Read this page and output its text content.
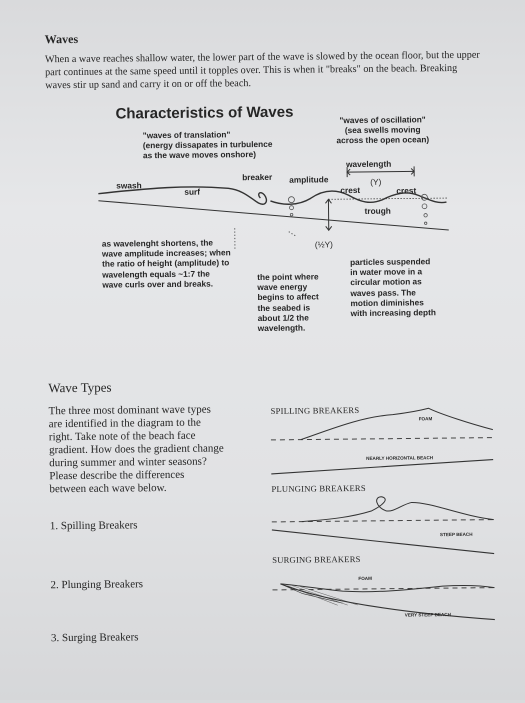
Waves
When a wave reaches shallow water, the lower part of the wave is slowed by the ocean floor, but the upper part continues at the same speed until it topples over. This is when it "breaks" on the beach. Breaking waves stir up sand and carry it on or off the beach.
Characteristics of Waves
"waves of translation"
(energy dissapates in turbulence
as the wave moves onshore)
"waves of oscillation"
(sea swells moving
across the open ocean)
swash
surf
breaker amplitude
wavelength
crest
(Y)
crest
trough
(½Y)
as wavelenght shortens, the
wave amplitude increases; when
the ratio of height (amplitude) to
wavelength equals ~1:7 the
wave curls over and breaks.
the point where
wave energy
begins to affect
the seabed is
about 1/2 the
wavelength.
particles suspended
in water move in a
circular motion as
waves pass. The
motion diminishes
with increasing depth
Wave Types
The three most dominant wave types
are identified in the diagram to the
right. Take note of the beach face
gradient. How does the gradient change
during summer and winter seasons?
Please describe the differences
between each wave below.
1. Spilling Breakers
2. Plunging Breakers
3. Surging Breakers
SPILLING BREAKERS
FOAM
NEARLY HORIZONTAL BEACH
PLUNGING BREAKERS
STEEP BEACH
SURGING BREAKERS
FOAM
VERY STEEP BEACH
